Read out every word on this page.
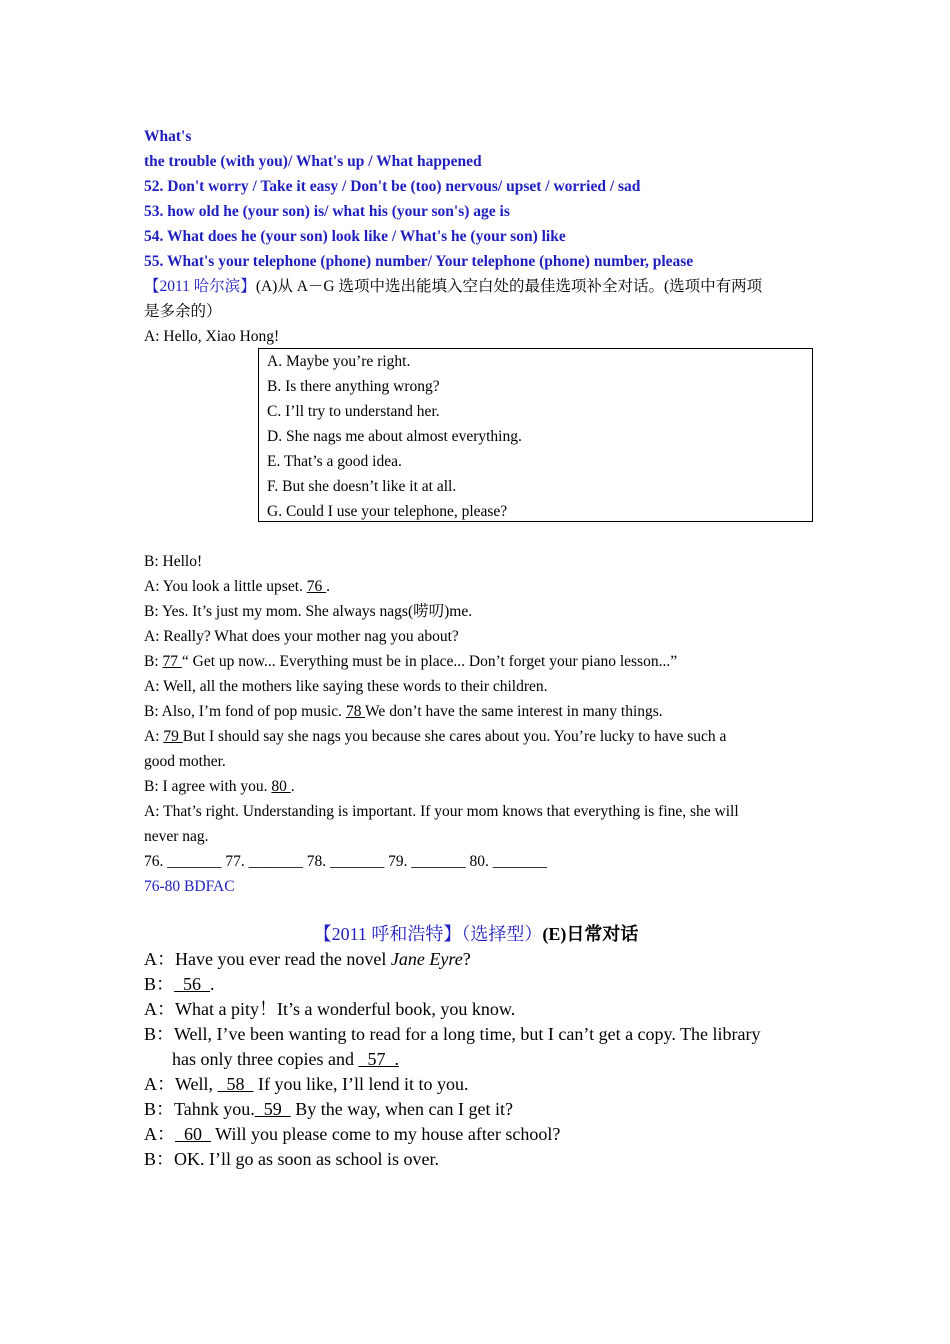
What's
the trouble (with you)/ What's up / What happened
52. Don't worry / Take it easy / Don't be (too) nervous/ upset / worried / sad
53. how old he (your son) is/ what his (your son's) age is
54. What does he (your son) look like / What's he (your son) like
55. What's your telephone (phone) number/ Your telephone (phone) number, please
【2011 哈尔滨】(A)从 A－G 选项中选出能填入空白处的最佳选项补全对话。(选项中有两项
是多余的）
A: Hello, Xiao Hong!
A. Maybe you’re right.
B. Is there anything wrong?
C. I’ll try to understand her.
D. She nags me about almost everything.
E. That’s a good idea.
F. But she doesn’t like it at all.
G. Could I use your telephone, please?
B: Hello!
A: You look a little upset. 76 .
B: Yes. It’s just my mom. She always nags(唠叨)me.
A: Really? What does your mother nag you about?
B: 77 “ Get up now... Everything must be in place... Don’t forget your piano lesson...”
A: Well, all the mothers like saying these words to their children.
B: Also, I’m fond of pop music. 78 We don’t have the same interest in many things.
A: 79 But I should say she nags you because she cares about you. You’re lucky to have such a
good mother.
B: I agree with you. 80 .
A: That’s right. Understanding is important. If your mom knows that everything is fine, she will
never nag.
76. _______ 77. _______ 78. _______ 79. _______ 80. _______
76-80 BDFAC
【2011 呼和浩特】（选择型）(E)日常对话
A：Have you ever read the novel Jane Eyre?
B：  56  .
A：What a pity！It’s a wonderful book, you know.
B：Well, I’ve been wanting to read for a long time, but I can’t get a copy. The library
has only three copies and   57  .
A：Well,   58   If you like, I’ll lend it to you.
B：Tahnk you.  59   By the way, when can I get it?
A：  60   Will you please come to my house after school?
B：OK. I’ll go as soon as school is over.
